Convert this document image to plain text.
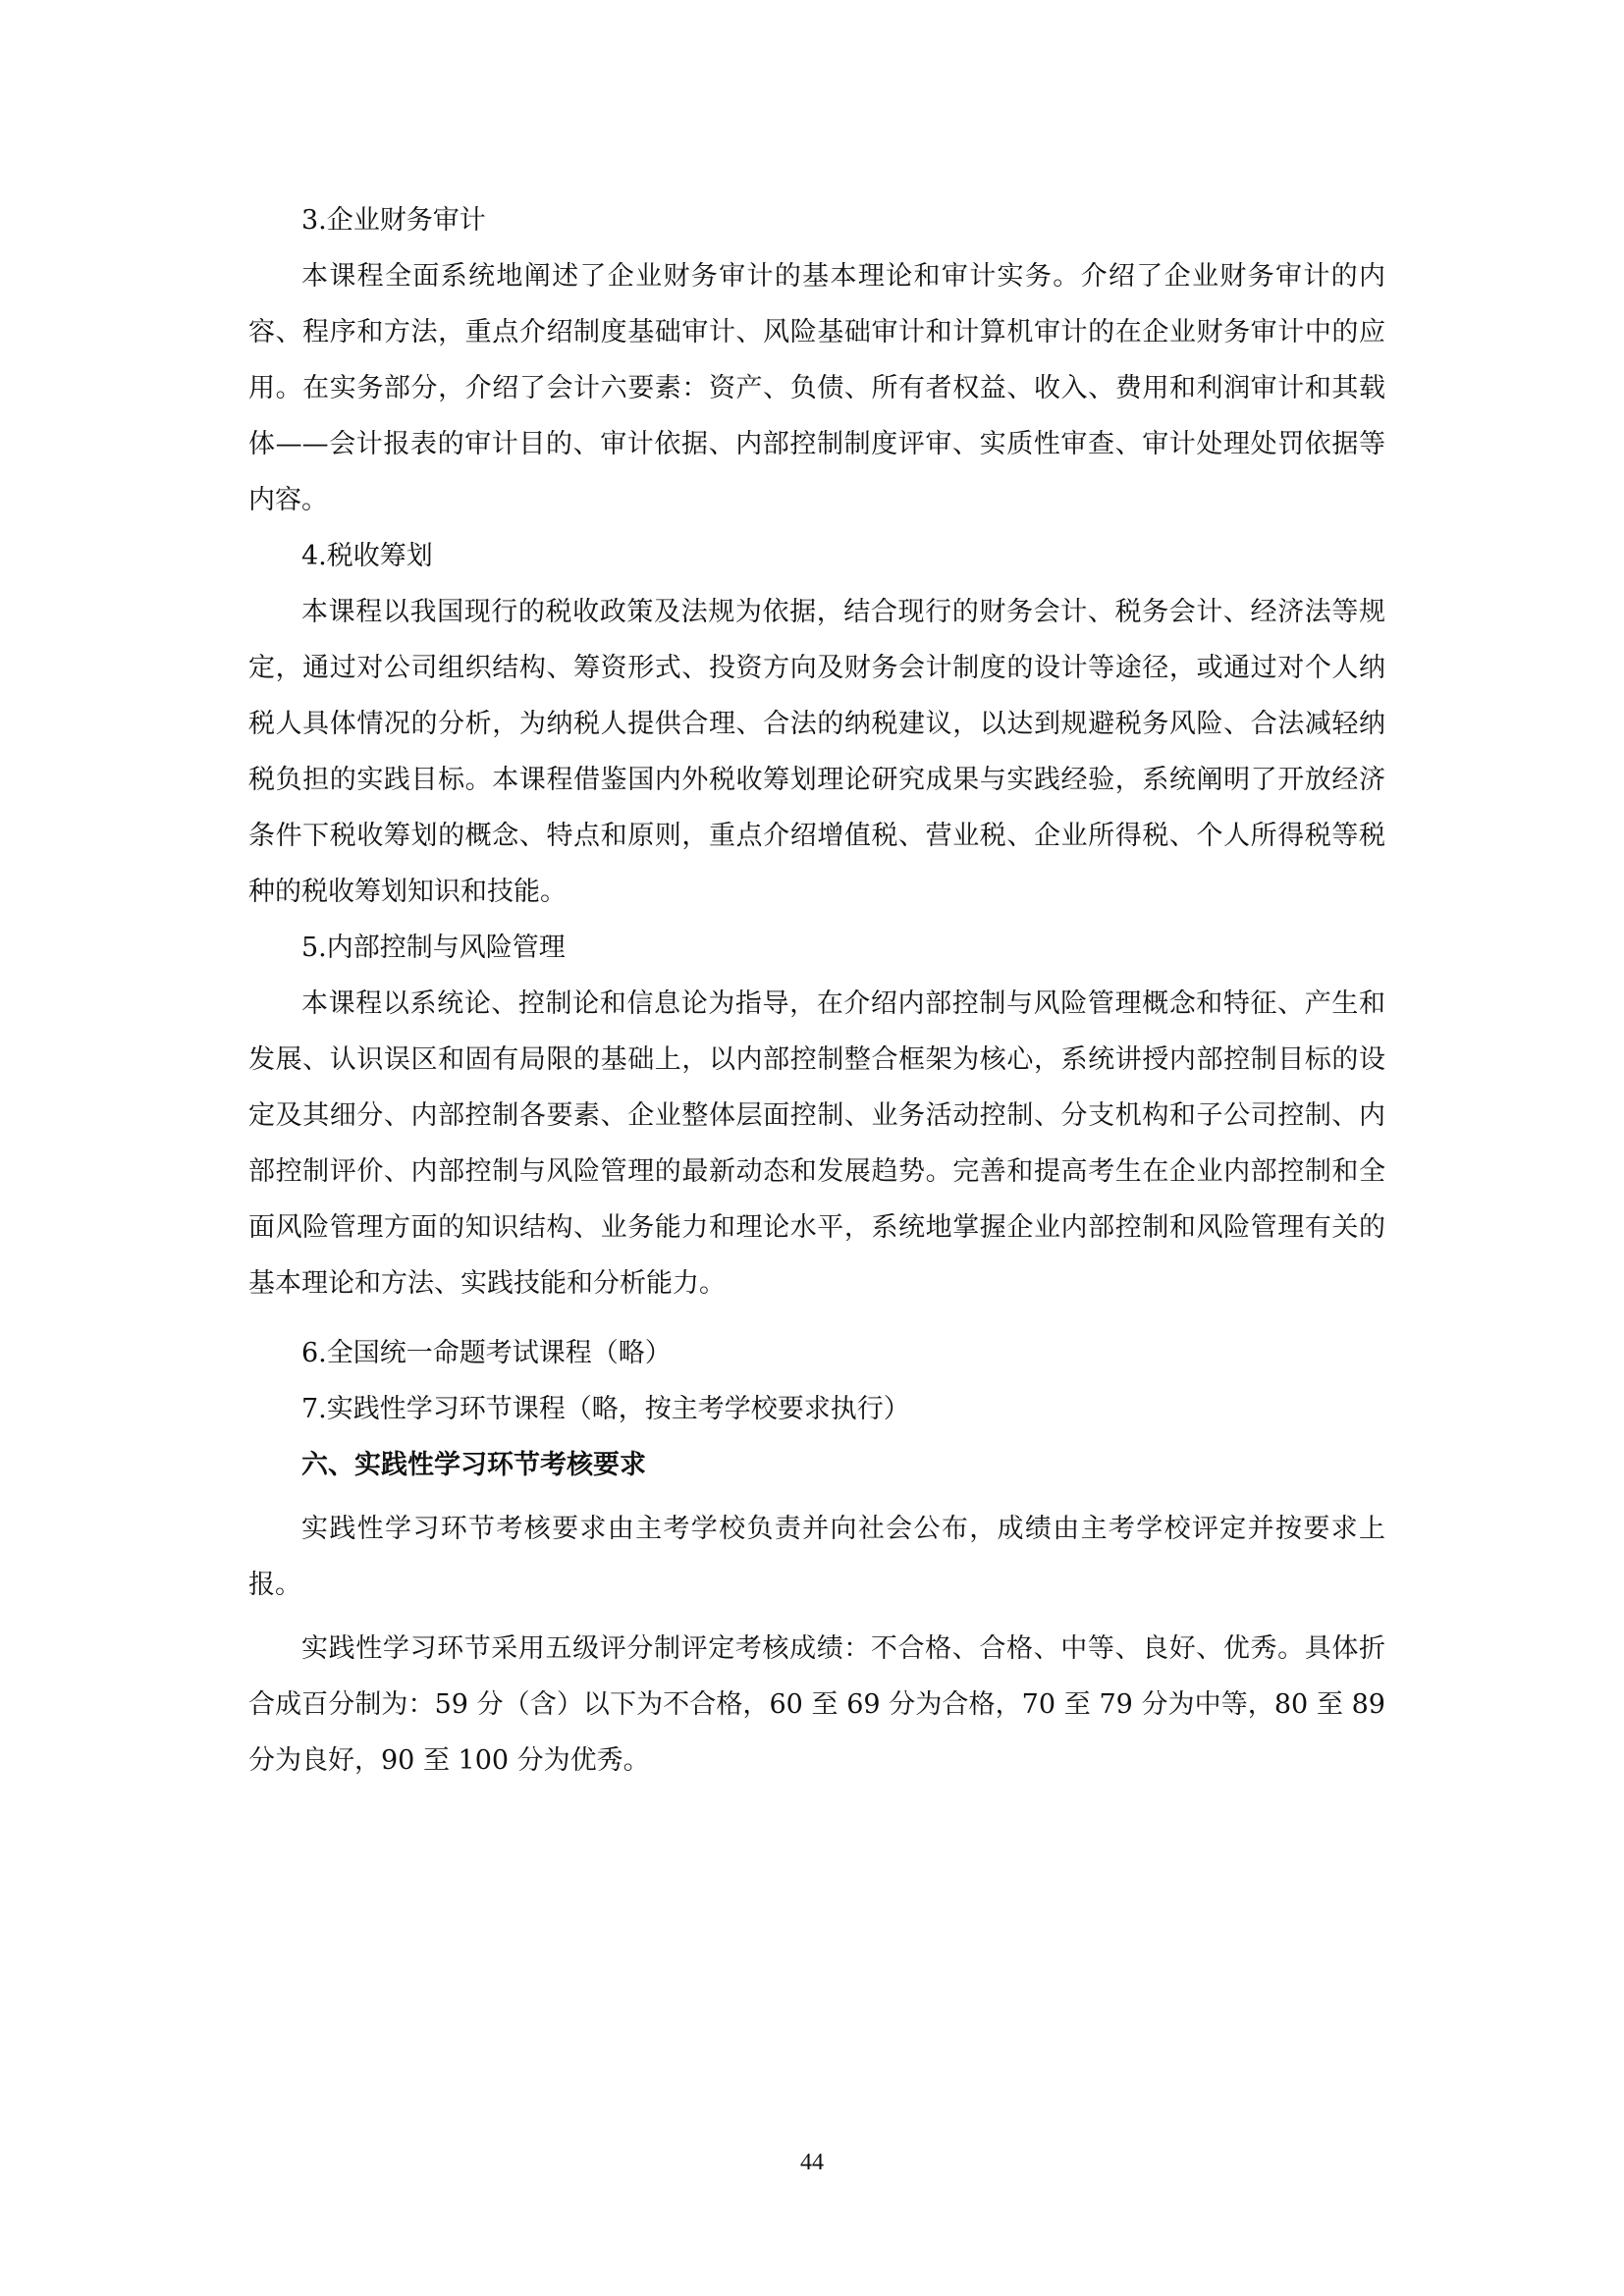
3.企业财务审计

本课程全面系统地阐述了企业财务审计的基本理论和审计实务。介绍了企业财务审计的内容、程序和方法，重点介绍制度基础审计、风险基础审计和计算机审计的在企业财务审计中的应用。在实务部分，介绍了会计六要素：资产、负债、所有者权益、收入、费用和利润审计和其载体——会计报表的审计目的、审计依据、内部控制制度评审、实质性审查、审计处理处罚依据等内容。

4.税收筹划

本课程以我国现行的税收政策及法规为依据，结合现行的财务会计、税务会计、经济法等规定，通过对公司组织结构、筹资形式、投资方向及财务会计制度的设计等途径，或通过对个人纳税人具体情况的分析，为纳税人提供合理、合法的纳税建议，以达到规避税务风险、合法减轻纳税负担的实践目标。本课程借鉴国内外税收筹划理论研究成果与实践经验，系统阐明了开放经济条件下税收筹划的概念、特点和原则，重点介绍增值税、营业税、企业所得税、个人所得税等税种的税收筹划知识和技能。

5.内部控制与风险管理

本课程以系统论、控制论和信息论为指导，在介绍内部控制与风险管理概念和特征、产生和发展、认识误区和固有局限的基础上，以内部控制整合框架为核心，系统讲授内部控制目标的设定及其细分、内部控制各要素、企业整体层面控制、业务活动控制、分支机构和子公司控制、内部控制评价、内部控制与风险管理的最新动态和发展趋势。完善和提高考生在企业内部控制和全面风险管理方面的知识结构、业务能力和理论水平，系统地掌握企业内部控制和风险管理有关的基本理论和方法、实践技能和分析能力。

6.全国统一命题考试课程（略）

7.实践性学习环节课程（略，按主考学校要求执行）

六、实践性学习环节考核要求

实践性学习环节考核要求由主考学校负责并向社会公布，成绩由主考学校评定并按要求上报。

实践性学习环节采用五级评分制评定考核成绩：不合格、合格、中等、良好、优秀。具体折合成百分制为：59 分（含）以下为不合格，60 至 69 分为合格，70 至 79 分为中等，80 至 89 分为良好，90 至 100 分为优秀。

44
